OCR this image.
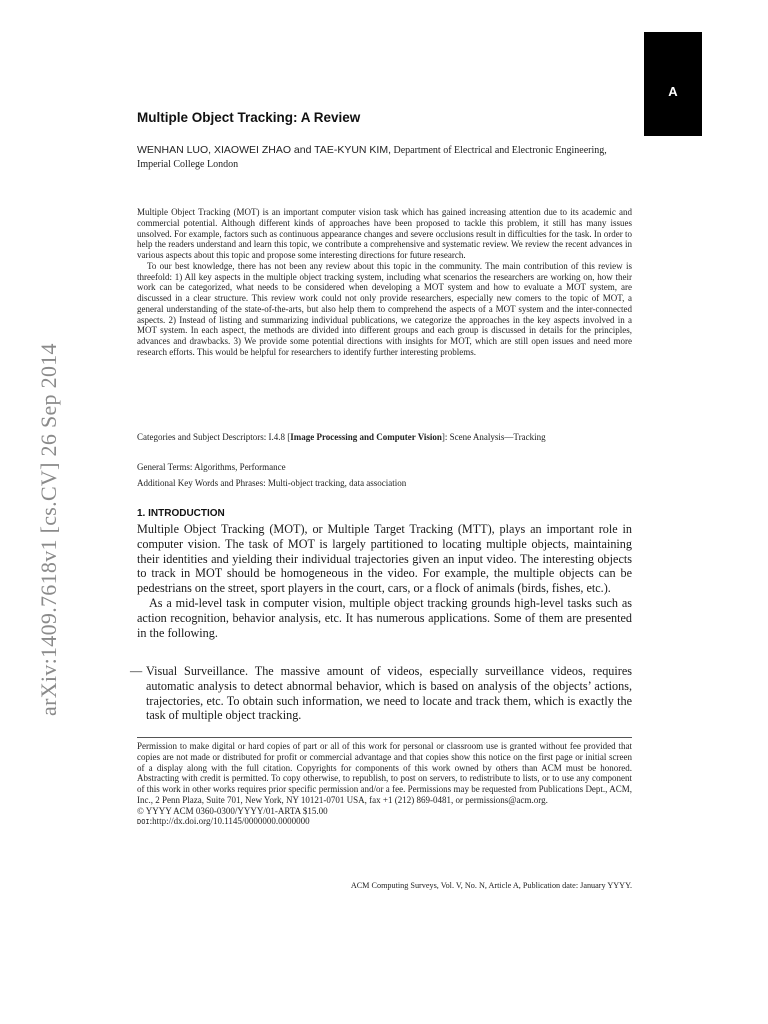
A
arXiv:1409.7618v1 [cs.CV] 26 Sep 2014
Multiple Object Tracking: A Review
WENHAN LUO, XIAOWEI ZHAO and TAE-KYUN KIM, Department of Electrical and Electronic Engineering, Imperial College London

Multiple Object Tracking (MOT) is an important computer vision task which has gained increasing attention due to its academic and commercial potential. Although different kinds of approaches have been proposed to tackle this problem, it still has many issues unsolved. For example, factors such as continuous appearance changes and severe occlusions result in difficulties for the task. In order to help the readers understand and learn this topic, we contribute a comprehensive and systematic review. We review the recent advances in various aspects about this topic and propose some interesting directions for future research.

To our best knowledge, there has not been any review about this topic in the community. The main contribution of this review is threefold: 1) All key aspects in the multiple object tracking system, including what scenarios the researchers are working on, how their work can be categorized, what needs to be considered when developing a MOT system and how to evaluate a MOT system, are discussed in a clear structure. This review work could not only provide researchers, especially new comers to the topic of MOT, a general understanding of the state-of-the-arts, but also help them to comprehend the aspects of a MOT system and the inter-connected aspects. 2) Instead of listing and summarizing individual publications, we categorize the approaches in the key aspects involved in a MOT system. In each aspect, the methods are divided into different groups and each group is discussed in details for the principles, advances and drawbacks. 3) We provide some potential directions with insights for MOT, which are still open issues and need more research efforts. This would be helpful for researchers to identify further interesting problems.

Categories and Subject Descriptors: I.4.8 [Image Processing and Computer Vision]: Scene Analysis—Tracking
General Terms: Algorithms, Performance
Additional Key Words and Phrases: Multi-object tracking, data association
1. INTRODUCTION

Multiple Object Tracking (MOT), or Multiple Target Tracking (MTT), plays an important role in computer vision. The task of MOT is largely partitioned to locating multiple objects, maintaining their identities and yielding their individual trajectories given an input video. The interesting objects to track in MOT should be homogeneous in the video. For example, the multiple objects can be pedestrians on the street, sport players in the court, cars, or a flock of animals (birds, fishes, etc.).

As a mid-level task in computer vision, multiple object tracking grounds high-level tasks such as action recognition, behavior analysis, etc. It has numerous applications. Some of them are presented in the following.

— Visual Surveillance. The massive amount of videos, especially surveillance videos, requires automatic analysis to detect abnormal behavior, which is based on analysis of the objects’ actions, trajectories, etc. To obtain such information, we need to locate and track them, which is exactly the task of multiple object tracking.

Permission to make digital or hard copies of part or all of this work for personal or classroom use is granted without fee provided that copies are not made or distributed for profit or commercial advantage and that copies show this notice on the first page or initial screen of a display along with the full citation. Copyrights for components of this work owned by others than ACM must be honored. Abstracting with credit is permitted. To copy otherwise, to republish, to post on servers, to redistribute to lists, or to use any component of this work in other works requires prior specific permission and/or a fee. Permissions may be requested from Publications Dept., ACM, Inc., 2 Penn Plaza, Suite 701, New York, NY 10121-0701 USA, fax +1 (212) 869-0481, or permissions@acm.org.

© YYYY ACM 0360-0300/YYYY/01-ARTA $15.00

DOI:http://dx.doi.org/10.1145/0000000.0000000

ACM Computing Surveys, Vol. V, No. N, Article A, Publication date: January YYYY.
